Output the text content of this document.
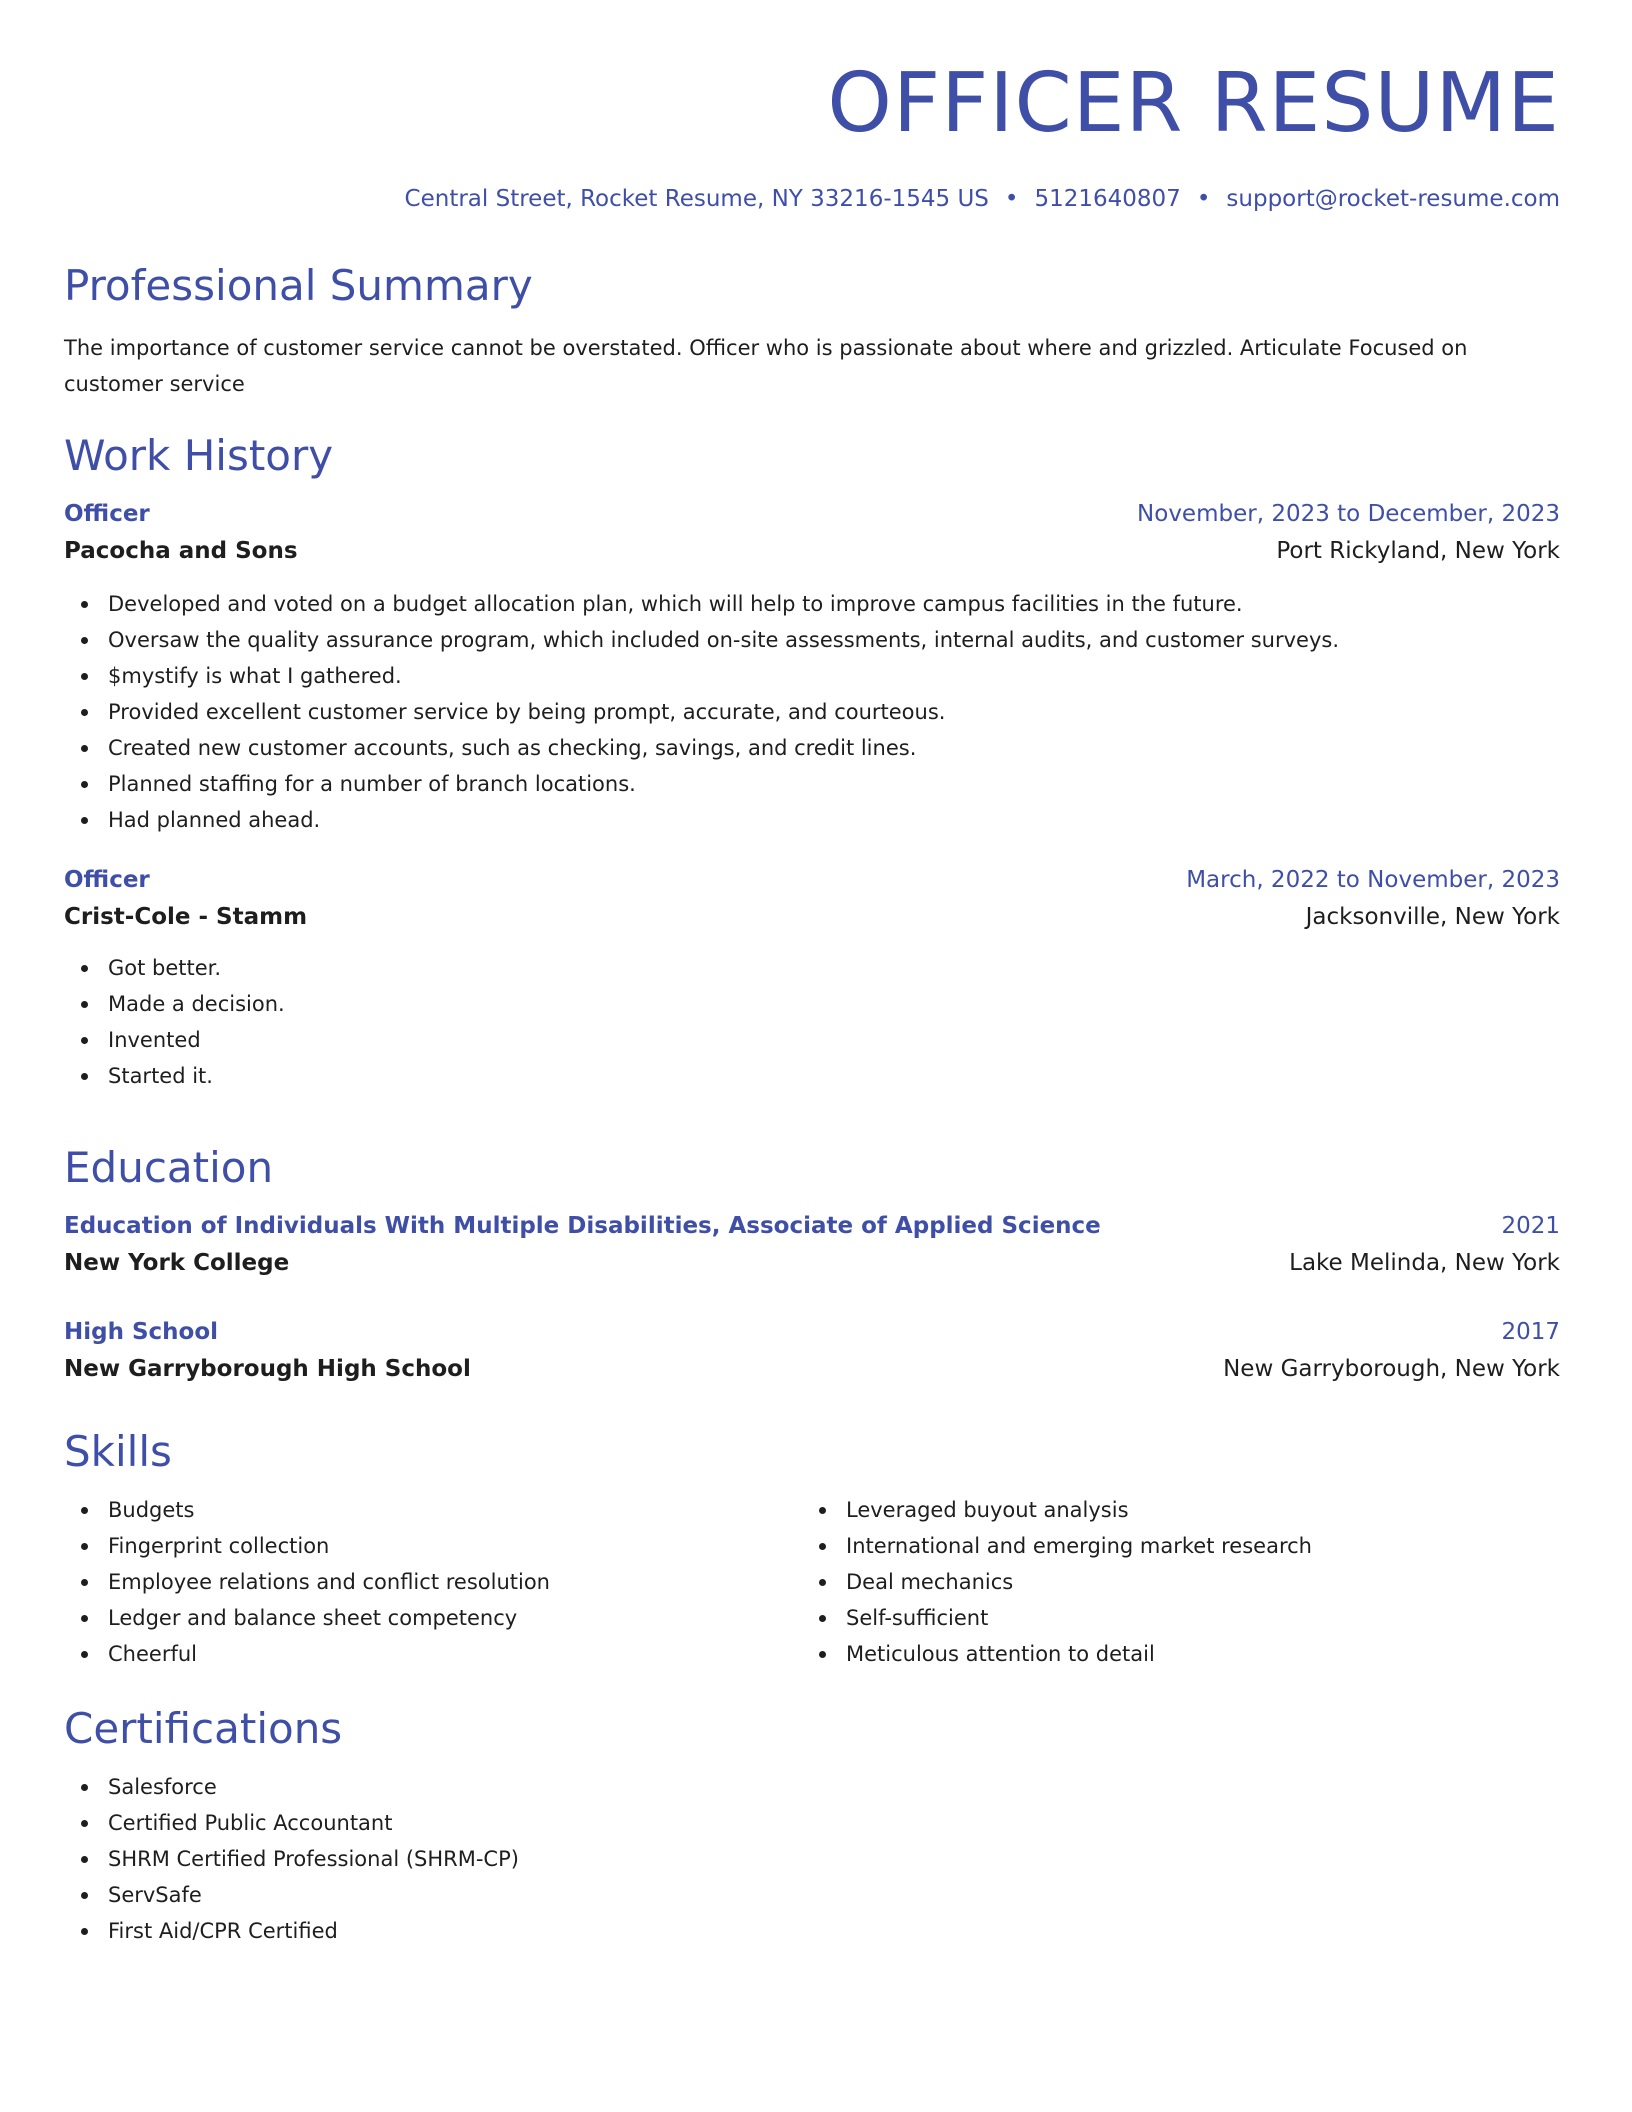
OFFICER RESUME
Central Street, Rocket Resume, NY 33216-1545 US • 5121640807 • support@rocket-resume.com
Professional Summary
The importance of customer service cannot be overstated. Officer who is passionate about where and grizzled. Articulate Focused on customer service
Work History
Officer	November, 2023 to December, 2023
Pacocha and Sons	Port Rickyland, New York
Developed and voted on a budget allocation plan, which will help to improve campus facilities in the future.
Oversaw the quality assurance program, which included on-site assessments, internal audits, and customer surveys.
$mystify is what I gathered.
Provided excellent customer service by being prompt, accurate, and courteous.
Created new customer accounts, such as checking, savings, and credit lines.
Planned staffing for a number of branch locations.
Had planned ahead.
Officer	March, 2022 to November, 2023
Crist-Cole - Stamm	Jacksonville, New York
Got better.
Made a decision.
Invented
Started it.
Education
Education of Individuals With Multiple Disabilities, Associate of Applied Science	2021
New York College	Lake Melinda, New York
High School	2017
New Garryborough High School	New Garryborough, New York
Skills
Budgets
Fingerprint collection
Employee relations and conflict resolution
Ledger and balance sheet competency
Cheerful
Leveraged buyout analysis
International and emerging market research
Deal mechanics
Self-sufficient
Meticulous attention to detail
Certifications
Salesforce
Certified Public Accountant
SHRM Certified Professional (SHRM-CP)
ServSafe
First Aid/CPR Certified
